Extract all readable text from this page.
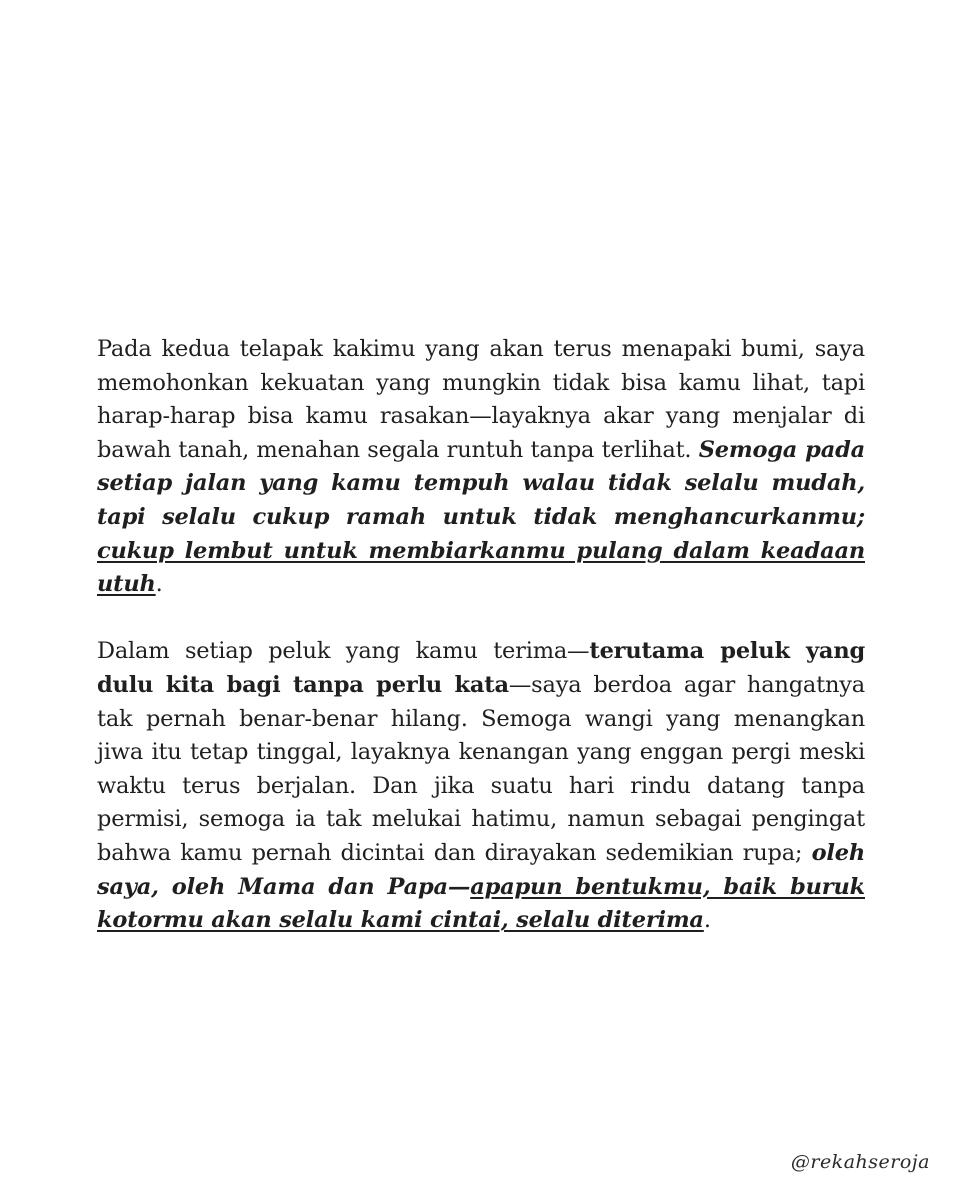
Pada kedua telapak kakimu yang akan terus menapaki bumi, saya memohonkan kekuatan yang mungkin tidak bisa kamu lihat, tapi harap-harap bisa kamu rasakan—layaknya akar yang menjalar di bawah tanah, menahan segala runtuh tanpa terlihat. Semoga pada setiap jalan yang kamu tempuh walau tidak selalu mudah, tapi selalu cukup ramah untuk tidak menghancurkanmu; cukup lembut untuk membiarkanmu pulang dalam keadaan utuh.

Dalam setiap peluk yang kamu terima—terutama peluk yang dulu kita bagi tanpa perlu kata—saya berdoa agar hangatnya tak pernah benar-benar hilang. Semoga wangi yang menangkan jiwa itu tetap tinggal, layaknya kenangan yang enggan pergi meski waktu terus berjalan. Dan jika suatu hari rindu datang tanpa permisi, semoga ia tak melukai hatimu, namun sebagai pengingat bahwa kamu pernah dicintai dan dirayakan sedemikian rupa; oleh saya, oleh Mama dan Papa—apapun bentukmu, baik buruk kotormu akan selalu kami cintai, selalu diterima.

@rekahseroja
